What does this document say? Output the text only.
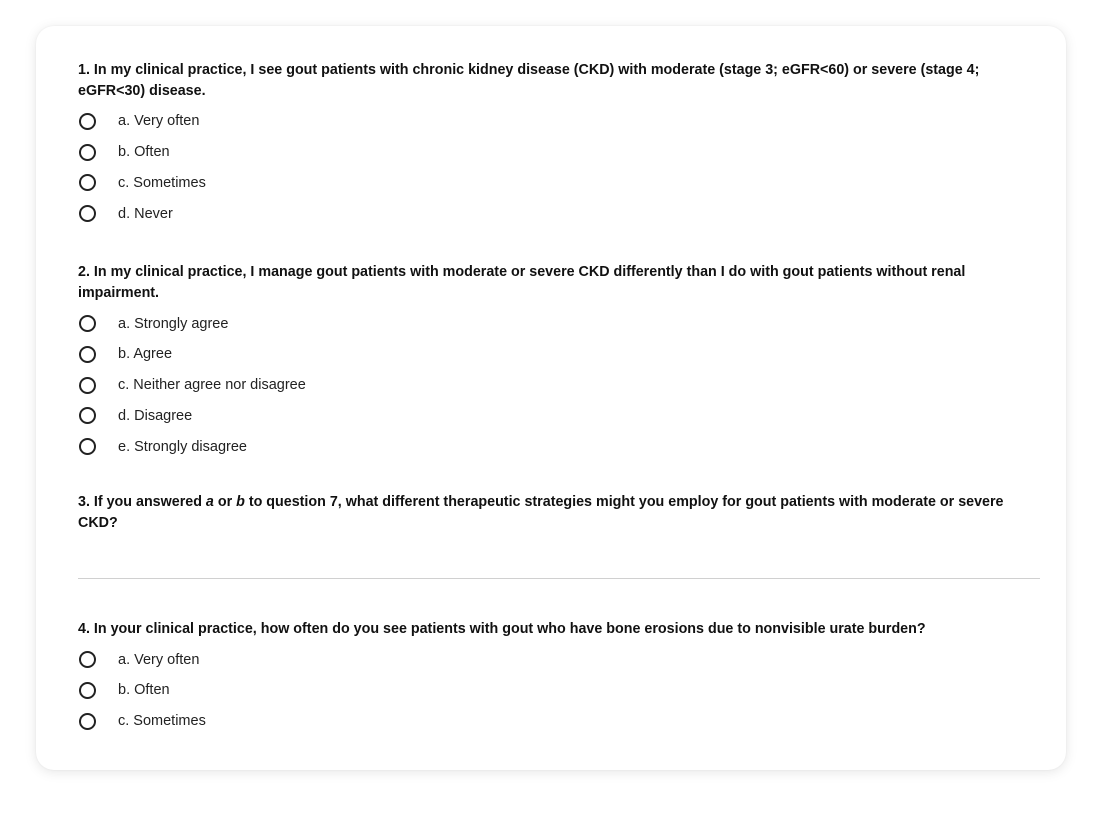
1. In my clinical practice, I see gout patients with chronic kidney disease (CKD) with moderate (stage 3; eGFR<60) or severe (stage 4; eGFR<30) disease.

a. Very often
b. Often
c. Sometimes
d. Never

2. In my clinical practice, I manage gout patients with moderate or severe CKD differently than I do with gout patients without renal impairment.

a. Strongly agree
b. Agree
c. Neither agree nor disagree
d. Disagree
e. Strongly disagree

3. If you answered a or b to question 7, what different therapeutic strategies might you employ for gout patients with moderate or severe CKD?

4. In your clinical practice, how often do you see patients with gout who have bone erosions due to nonvisible urate burden?

a. Very often
b. Often
c. Sometimes
